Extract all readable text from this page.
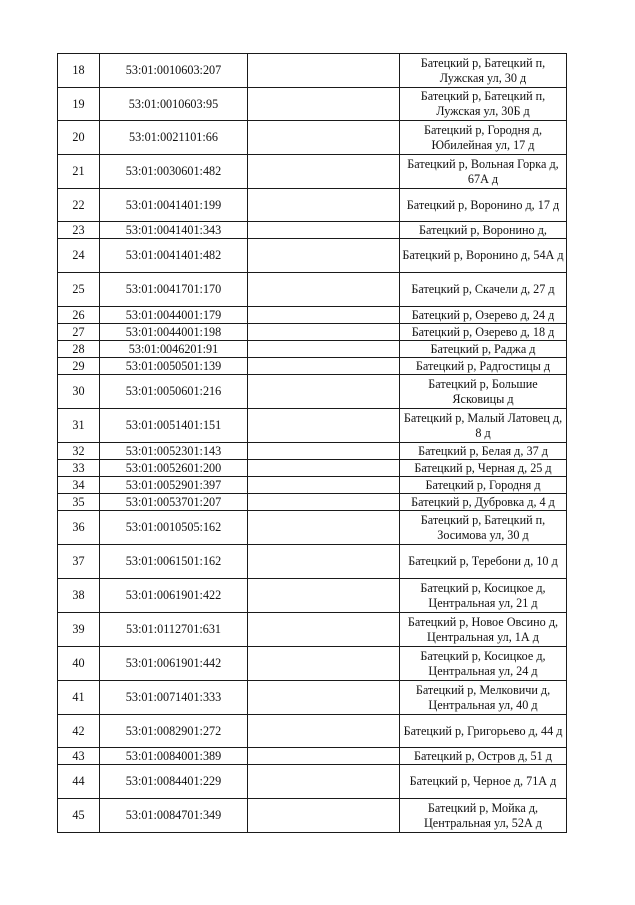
18	53:01:0010603:207		Батецкий р, Батецкий п, Лужская ул, 30 д
19	53:01:0010603:95		Батецкий р, Батецкий п, Лужская ул, 30Б д
20	53:01:0021101:66		Батецкий р, Городня д, Юбилейная ул, 17 д
21	53:01:0030601:482		Батецкий р, Вольная Горка д, 67А д
22	53:01:0041401:199		Батецкий р, Воронино д, 17 д
23	53:01:0041401:343		Батецкий р, Воронино д,
24	53:01:0041401:482		Батецкий р, Воронино д, 54А д
25	53:01:0041701:170		Батецкий р, Скачели д, 27 д
26	53:01:0044001:179		Батецкий р, Озерево д, 24 д
27	53:01:0044001:198		Батецкий р, Озерево д, 18 д
28	53:01:0046201:91		Батецкий р, Раджа д
29	53:01:0050501:139		Батецкий р, Радгостицы д
30	53:01:0050601:216		Батецкий р, Большие Ясковицы д
31	53:01:0051401:151		Батецкий р, Малый Латовец д, 8 д
32	53:01:0052301:143		Батецкий р, Белая д, 37 д
33	53:01:0052601:200		Батецкий р, Черная д, 25 д
34	53:01:0052901:397		Батецкий р, Городня д
35	53:01:0053701:207		Батецкий р, Дубровка д, 4 д
36	53:01:0010505:162		Батецкий р, Батецкий п, Зосимова ул, 30 д
37	53:01:0061501:162		Батецкий р, Теребони д, 10 д
38	53:01:0061901:422		Батецкий р, Косицкое д, Центральная ул, 21 д
39	53:01:0112701:631		Батецкий р, Новое Овсино д, Центральная ул, 1А д
40	53:01:0061901:442		Батецкий р, Косицкое д, Центральная ул, 24 д
41	53:01:0071401:333		Батецкий р, Мелковичи д, Центральная ул, 40 д
42	53:01:0082901:272		Батецкий р, Григорьево д, 44 д
43	53:01:0084001:389		Батецкий р, Остров д, 51 д
44	53:01:0084401:229		Батецкий р, Черное д, 71А д
45	53:01:0084701:349		Батецкий р, Мойка д, Центральная ул, 52А д
